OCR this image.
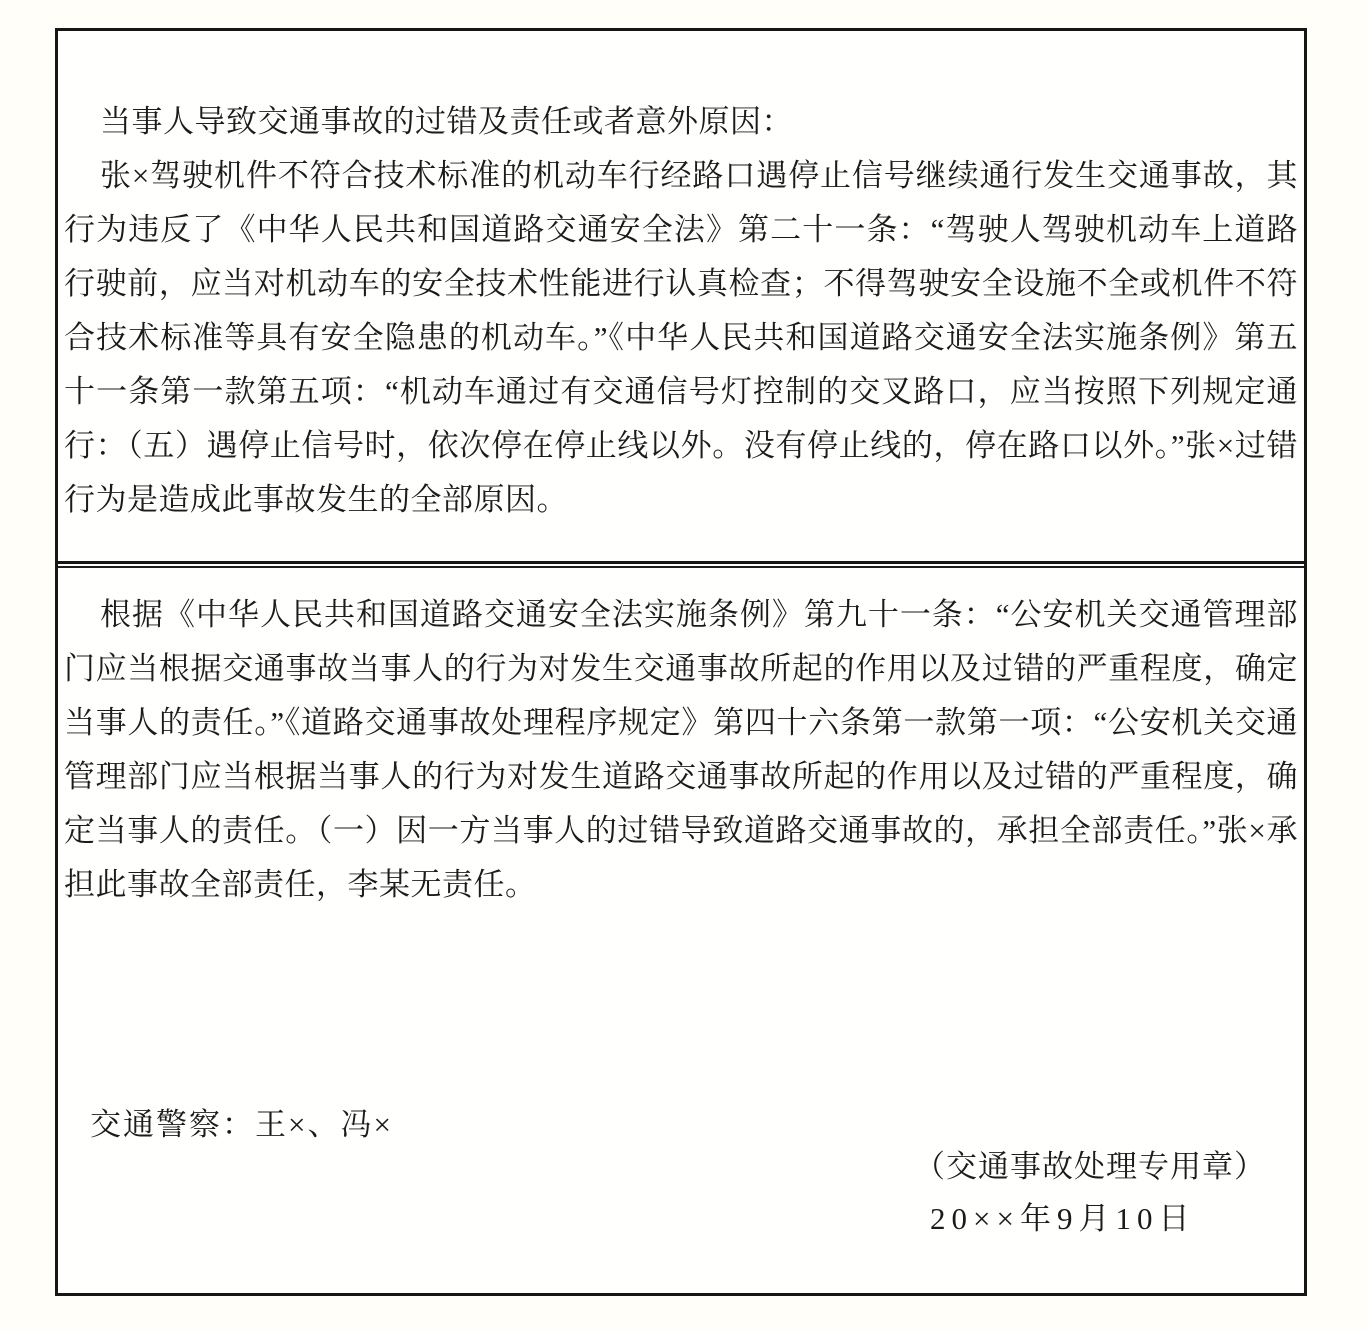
当事人导致交通事故的过错及责任或者意外原因：
张×驾驶机件不符合技术标准的机动车行经路口遇停止信号继续通行发生交通事故，其行为违反了《中华人民共和国道路交通安全法》第二十一条：“驾驶人驾驶机动车上道路行驶前，应当对机动车的安全技术性能进行认真检查；不得驾驶安全设施不全或机件不符合技术标准等具有安全隐患的机动车。”《中华人民共和国道路交通安全法实施条例》第五十一条第一款第五项：“机动车通过有交通信号灯控制的交叉路口，应当按照下列规定通行：（五）遇停止信号时，依次停在停止线以外。没有停止线的，停在路口以外。”张×过错行为是造成此事故发生的全部原因。
根据《中华人民共和国道路交通安全法实施条例》第九十一条：“公安机关交通管理部门应当根据交通事故当事人的行为对发生交通事故所起的作用以及过错的严重程度，确定当事人的责任。”《道路交通事故处理程序规定》第四十六条第一款第一项：“公安机关交通管理部门应当根据当事人的行为对发生道路交通事故所起的作用以及过错的严重程度，确定当事人的责任。（一）因一方当事人的过错导致道路交通事故的，承担全部责任。”张×承担此事故全部责任，李某无责任。
交通警察：王×、冯×
（交通事故处理专用章）
20××年9月10日
